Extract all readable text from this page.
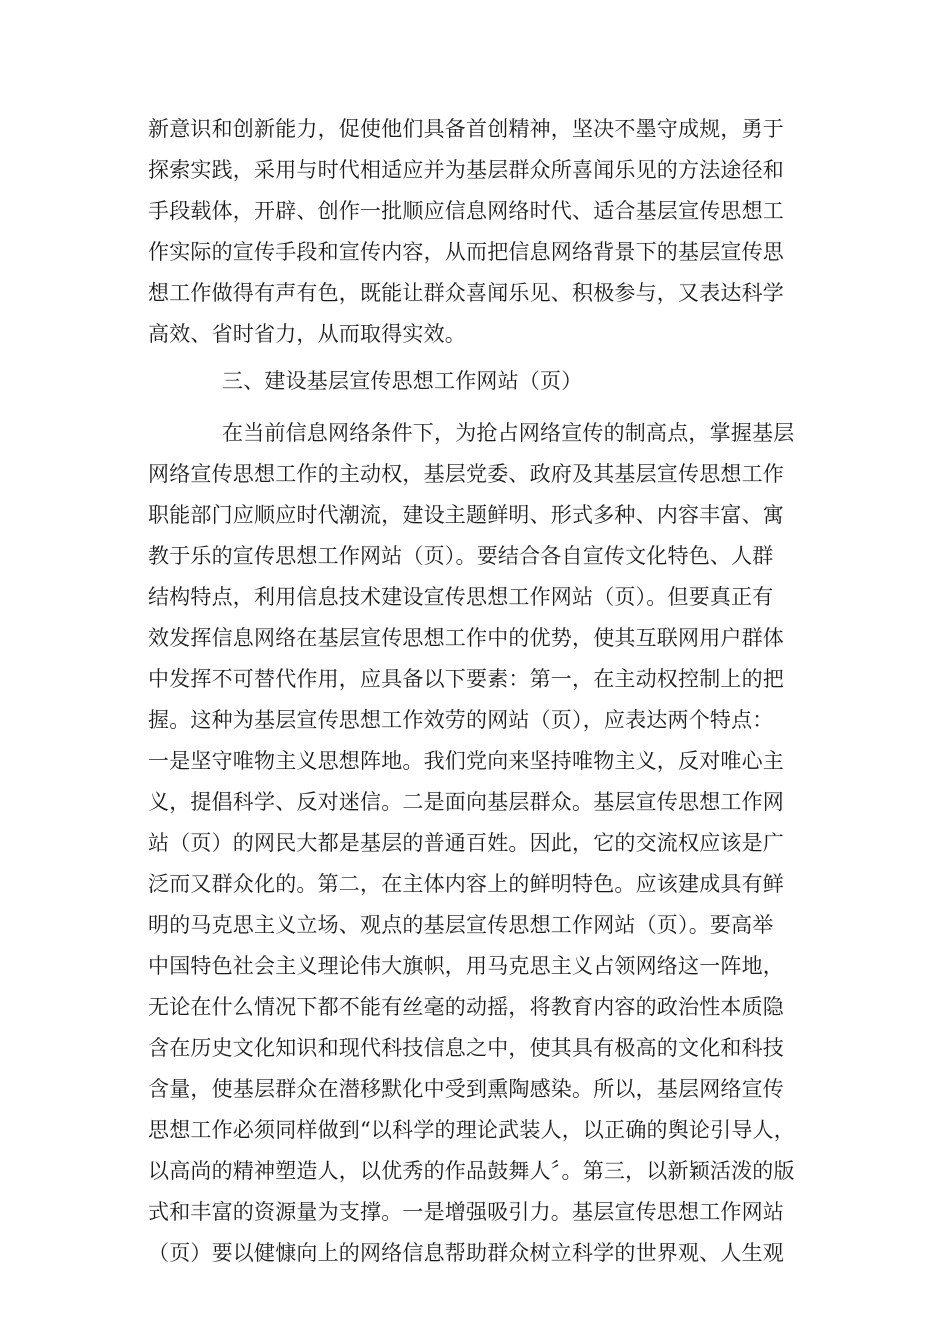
新意识和创新能力，促使他们具备首创精神，坚决不墨守成规，勇于
探索实践，采用与时代相适应并为基层群众所喜闻乐见的方法途径和
手段载体，开辟、创作一批顺应信息网络时代、适合基层宣传思想工
作实际的宣传手段和宣传内容，从而把信息网络背景下的基层宣传思
想工作做得有声有色，既能让群众喜闻乐见、积极参与，又表达科学
高效、省时省力，从而取得实效。
三、建设基层宣传思想工作网站（页）
在当前信息网络条件下，为抢占网络宣传的制高点，掌握基层
网络宣传思想工作的主动权，基层党委、政府及其基层宣传思想工作
职能部门应顺应时代潮流，建设主题鲜明、形式多种、内容丰富、寓
教于乐的宣传思想工作网站（页）。要结合各自宣传文化特色、人群
结构特点，利用信息技术建设宣传思想工作网站（页）。但要真正有
效发挥信息网络在基层宣传思想工作中的优势，使其互联网用户群体
中发挥不可替代作用，应具备以下要素：第一，在主动权控制上的把
握。这种为基层宣传思想工作效劳的网站（页），应表达两个特点：
一是坚守唯物主义思想阵地。我们党向来坚持唯物主义，反对唯心主
义，提倡科学、反对迷信。二是面向基层群众。基层宣传思想工作网
站（页）的网民大都是基层的普通百姓。因此，它的交流权应该是广
泛而又群众化的。第二，在主体内容上的鲜明特色。应该建成具有鲜
明的马克思主义立场、观点的基层宣传思想工作网站（页）。要高举
中国特色社会主义理论伟大旗帜，用马克思主义占领网络这一阵地，
无论在什么情况下都不能有丝毫的动摇，将教育内容的政治性本质隐
含在历史文化知识和现代科技信息之中，使其具有极高的文化和科技
含量，使基层群众在潜移默化中受到熏陶感染。所以，基层网络宣传
思想工作必须同样做到“以科学的理论武装人，以正确的舆论引导人，
以高尚的精神塑造人，以优秀的作品鼓舞人〞。第三，以新颖活泼的版
式和丰富的资源量为支撑。一是增强吸引力。基层宣传思想工作网站
（页）要以健慷向上的网络信息帮助群众树立科学的世界观、人生观
